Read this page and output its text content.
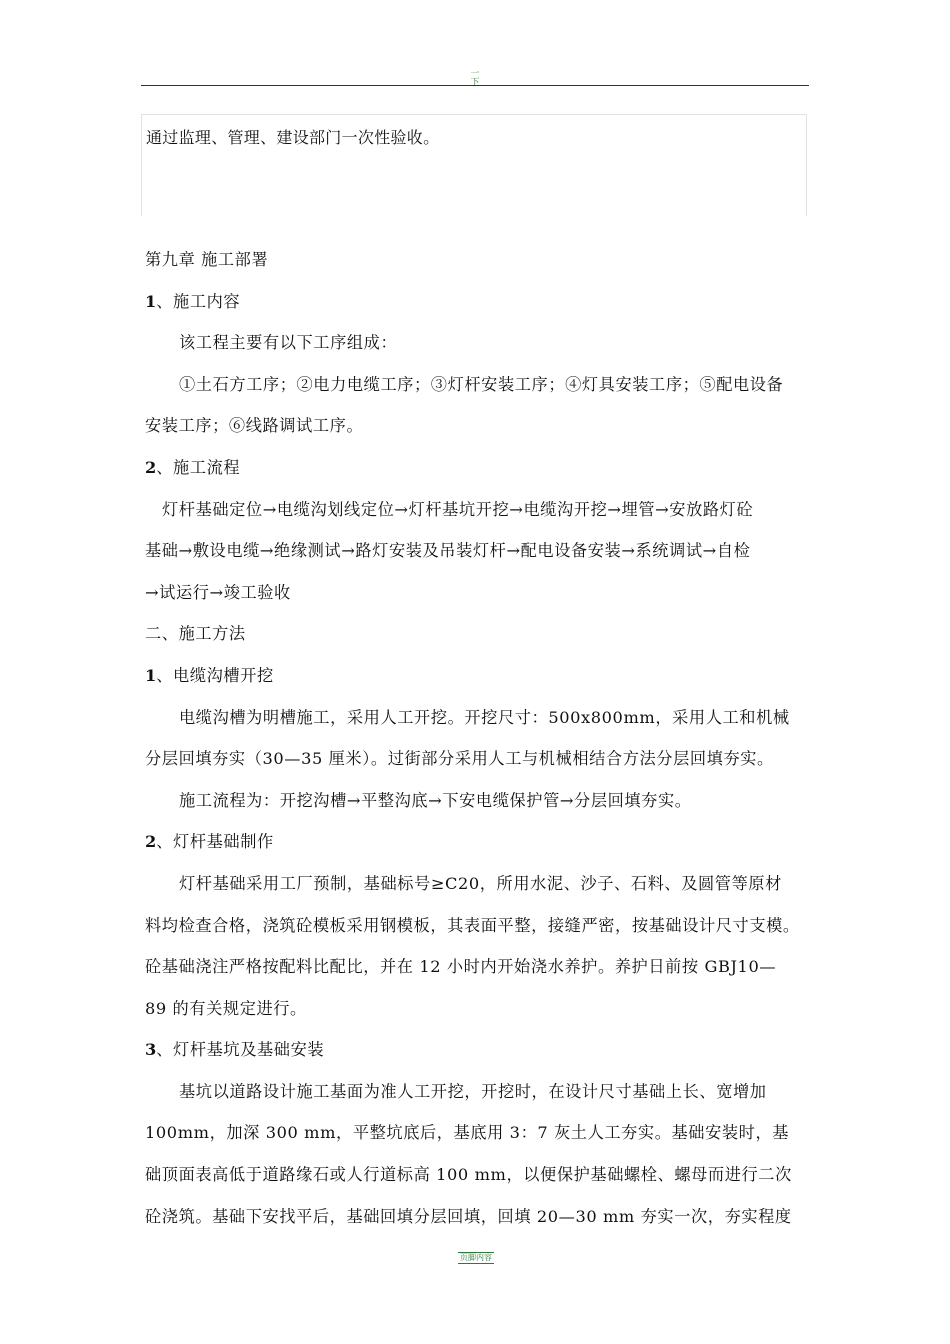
一
下

通过监理、管理、建设部门一次性验收。

第九章 施工部署
1、施工内容
该工程主要有以下工序组成：
①土石方工序；②电力电缆工序；③灯杆安装工序；④灯具安装工序；⑤配电设备
安装工序；⑥线路调试工序。
2、施工流程
灯杆基础定位→电缆沟划线定位→灯杆基坑开挖→电缆沟开挖→埋管→安放路灯砼
基础→敷设电缆→绝缘测试→路灯安装及吊装灯杆→配电设备安装→系统调试→自检
→试运行→竣工验收
二、施工方法
1、电缆沟槽开挖
电缆沟槽为明槽施工，采用人工开挖。开挖尺寸：500x800mm，采用人工和机械
分层回填夯实（30—35 厘米）。过街部分采用人工与机械相结合方法分层回填夯实。
施工流程为：开挖沟槽→平整沟底→下安电缆保护管→分层回填夯实。
2、灯杆基础制作
灯杆基础采用工厂预制，基础标号≥C20，所用水泥、沙子、石料、及圆管等原材
料均检查合格，浇筑砼模板采用钢模板，其表面平整，接缝严密，按基础设计尺寸支模。
砼基础浇注严格按配料比配比，并在 12 小时内开始浇水养护。养护日前按 GBJ10—
89 的有关规定进行。
3、灯杆基坑及基础安装
基坑以道路设计施工基面为准人工开挖，开挖时，在设计尺寸基础上长、宽增加
100mm，加深 300 mm，平整坑底后，基底用 3：7 灰土人工夯实。基础安装时，基
础顶面表高低于道路缘石或人行道标高 100 mm，以便保护基础螺栓、螺母而进行二次
砼浇筑。基础下安找平后，基础回填分层回填，回填 20—30 mm 夯实一次，夯实程度
页脚内容
